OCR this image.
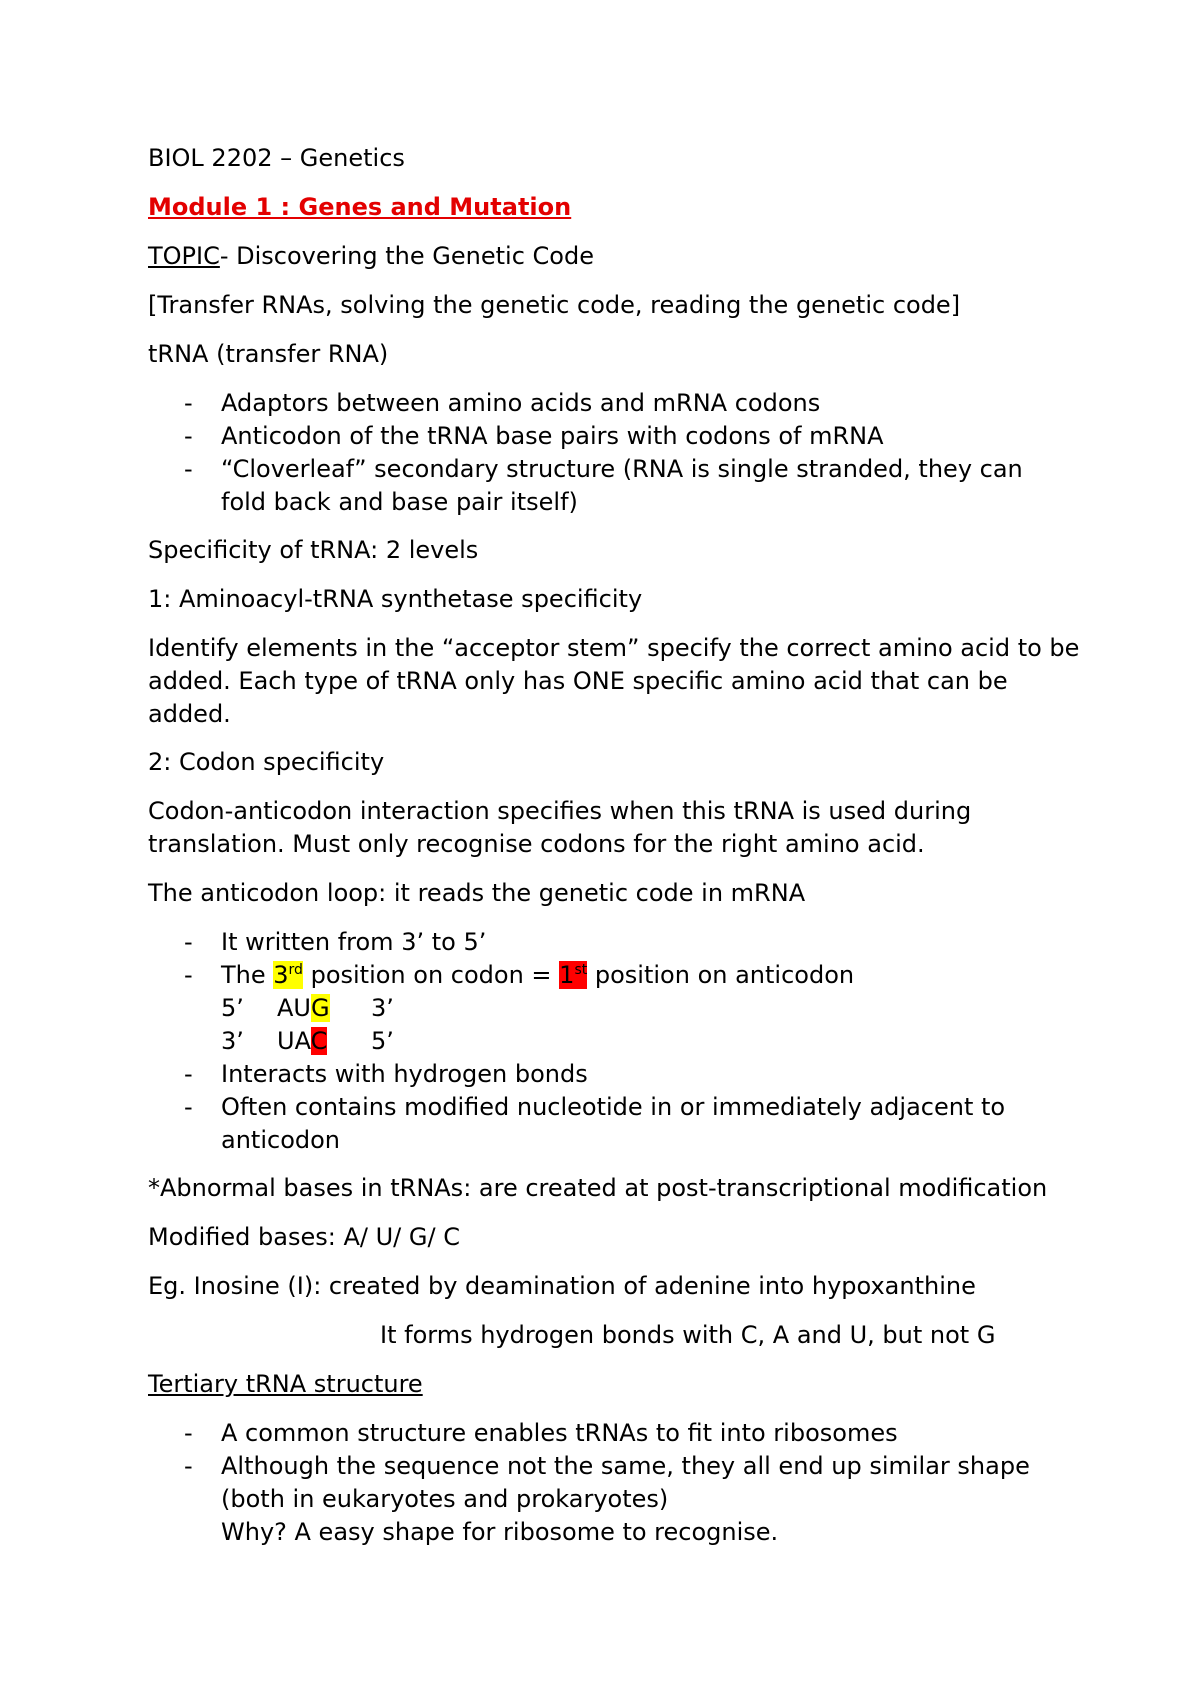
BIOL 2202 – Genetics
Module 1 : Genes and Mutation
TOPIC- Discovering the Genetic Code
[Transfer RNAs, solving the genetic code, reading the genetic code]
tRNA (transfer RNA)
- Adaptors between amino acids and mRNA codons
- Anticodon of the tRNA base pairs with codons of mRNA
- “Cloverleaf” secondary structure (RNA is single stranded, they can fold back and base pair itself)
Specificity of tRNA: 2 levels
1: Aminoacyl-tRNA synthetase specificity
Identify elements in the “acceptor stem” specify the correct amino acid to be added. Each type of tRNA only has ONE specific amino acid that can be added.
2: Codon specificity
Codon-anticodon interaction specifies when this tRNA is used during translation. Must only recognise codons for the right amino acid.
The anticodon loop: it reads the genetic code in mRNA
- It written from 3’ to 5’
- The 3rd position on codon = 1st position on anticodon
5’ AUG 3’
3’ UAC 5’
- Interacts with hydrogen bonds
- Often contains modified nucleotide in or immediately adjacent to anticodon
*Abnormal bases in tRNAs: are created at post-transcriptional modification
Modified bases: A/ U/ G/ C
Eg. Inosine (I): created by deamination of adenine into hypoxanthine
It forms hydrogen bonds with C, A and U, but not G
Tertiary tRNA structure
- A common structure enables tRNAs to fit into ribosomes
- Although the sequence not the same, they all end up similar shape (both in eukaryotes and prokaryotes)
Why? A easy shape for ribosome to recognise.
